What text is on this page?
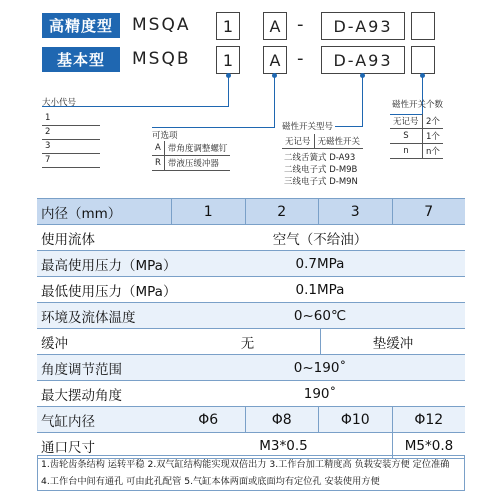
高精度型	MSQA	1	A -	D-A93
基本型	MSQB	1	A -	D-A93
大小代号
1
2
3
7
可选项
A	带角度调整螺钉
R	带液压缓冲器
磁性开关型号
无记号	无磁性开关
二线舌簧式 D-A93
二线电子式 D-M9B
三线电子式 D-M9N
磁性开关个数
无记号	2个
S	1个
n	n个
内径（mm）	1	2	3	7
使用流体	空气（不给油）
最高使用压力（MPa）	0.7MPa
最低使用压力（MPa）	0.1MPa
环境及流体温度	0~60℃
缓冲	无	垫缓冲
角度调节范围	0~190˚
最大摆动角度	190˚
气缸内径	Φ6	Φ8	Φ10	Φ12
通口尺寸	M3*0.5	M5*0.8
1.齿轮齿条结构 运转平稳 2.双气缸结构能实现双倍出力 3.工作台加工精度高 负载安装方便 定位准确
4.工作台中间有通孔 可由此孔配管 5.气缸本体两面或底面均有定位孔 安装使用方便
